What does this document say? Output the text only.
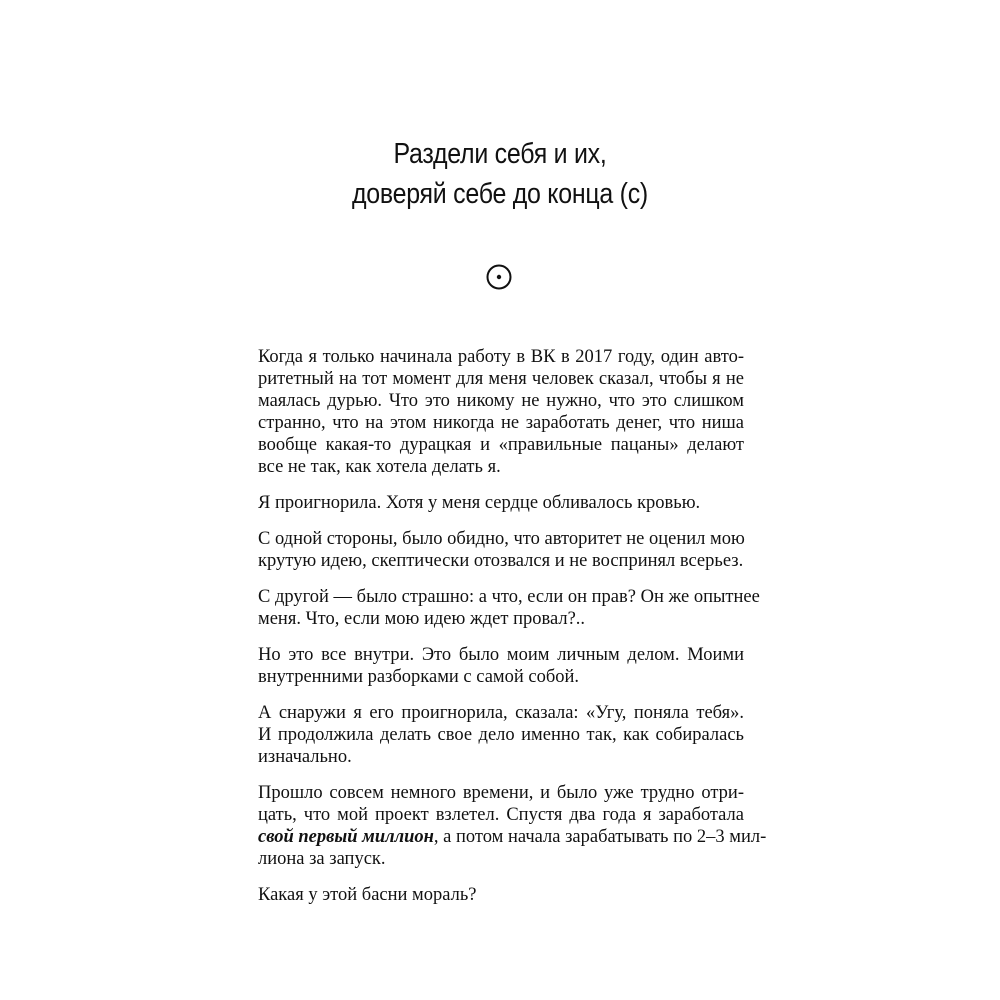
Раздели себя и их,
доверяй себе до конца (с)

Когда я только начинала работу в ВК в 2017 году, один авто-
ритетный на тот момент для меня человек сказал, чтобы я не
маялась дурью. Что это никому не нужно, что это слишком
странно, что на этом никогда не заработать денег, что ниша
вообще какая-то дурацкая и «правильные пацаны» делают
все не так, как хотела делать я.

Я проигнорила. Хотя у меня сердце обливалось кровью.

С одной стороны, было обидно, что авторитет не оценил мою
крутую идею, скептически отозвался и не воспринял всерьез.

С другой — было страшно: а что, если он прав? Он же опытнее
меня. Что, если мою идею ждет провал?..

Но это все внутри. Это было моим личным делом. Моими
внутренними разборками с самой собой.

А снаружи я его проигнорила, сказала: «Угу, поняла тебя».
И продолжила делать свое дело именно так, как собиралась
изначально.

Прошло совсем немного времени, и было уже трудно отри-
цать, что мой проект взлетел. Спустя два года я заработала
свой первый миллион, а потом начала зарабатывать по 2–3 мил-
лиона за запуск.

Какая у этой басни мораль?
